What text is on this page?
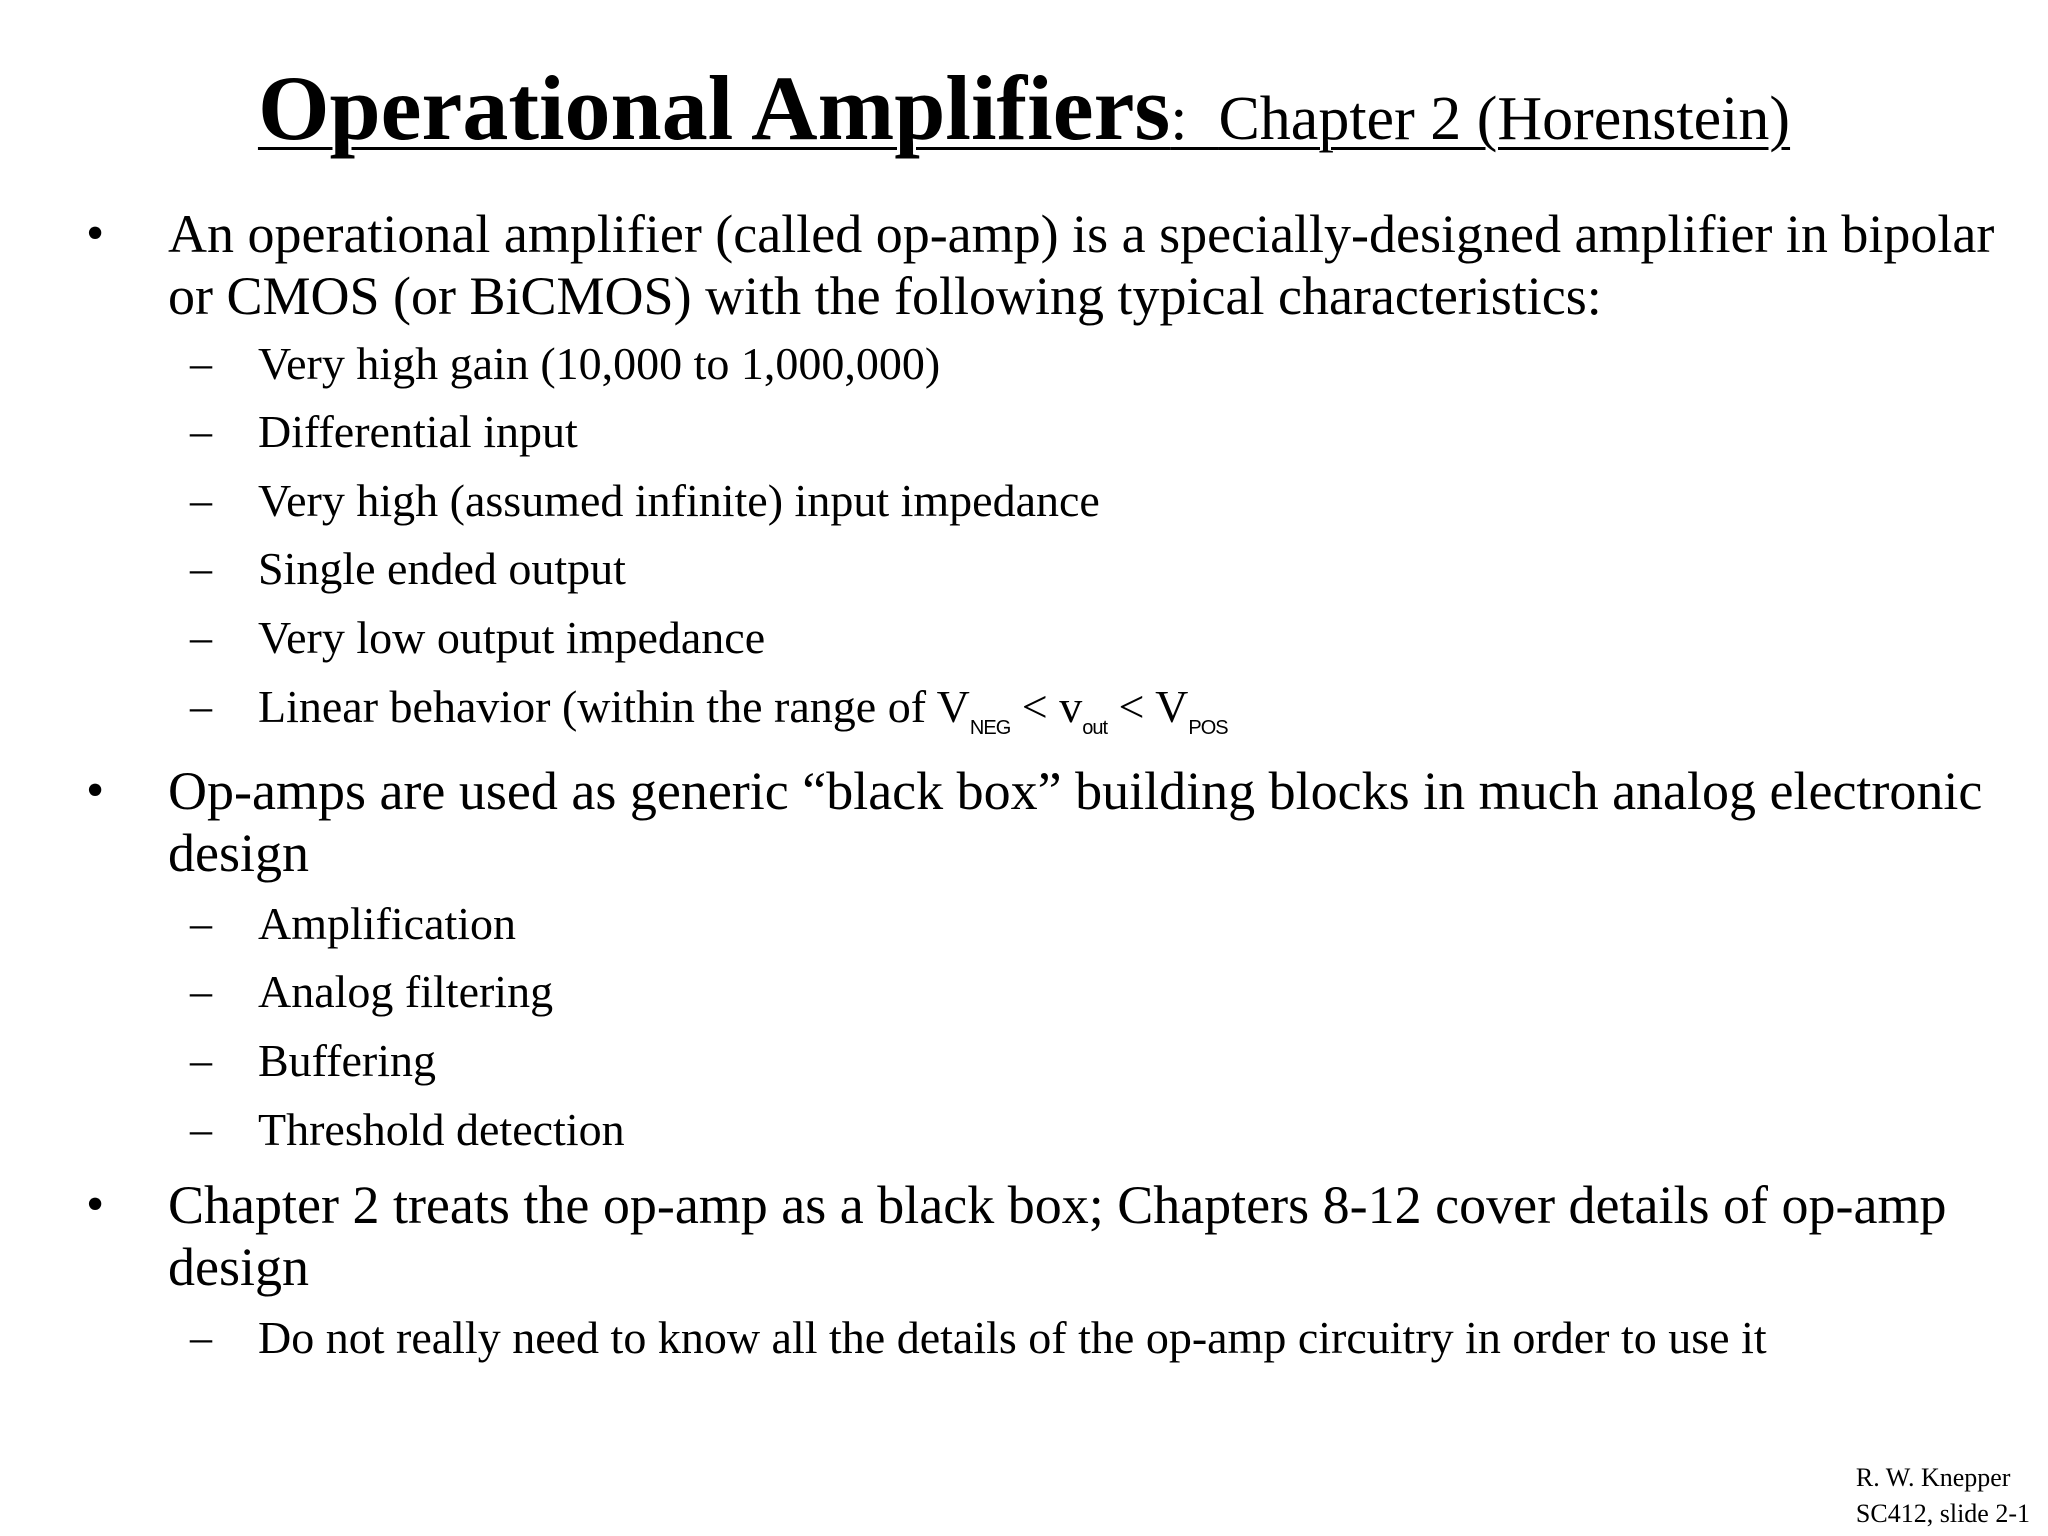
Operational Amplifiers:  Chapter 2 (Horenstein)
• An operational amplifier (called op-amp) is a specially-designed amplifier in bipolar or CMOS (or BiCMOS) with the following typical characteristics:
– Very high gain (10,000 to 1,000,000)
– Differential input
– Very high (assumed infinite) input impedance
– Single ended output
– Very low output impedance
– Linear behavior (within the range of $V_{NEG} < v_{out} < V_{POS}$
• Op-amps are used as generic “black box” building blocks in much analog electronic design
– Amplification
– Analog filtering
– Buffering
– Threshold detection
• Chapter 2 treats the op-amp as a black box; Chapters 8-12 cover details of op-amp design
– Do not really need to know all the details of the op-amp circuitry in order to use it
R. W. Knepper
SC412, slide 2-1
